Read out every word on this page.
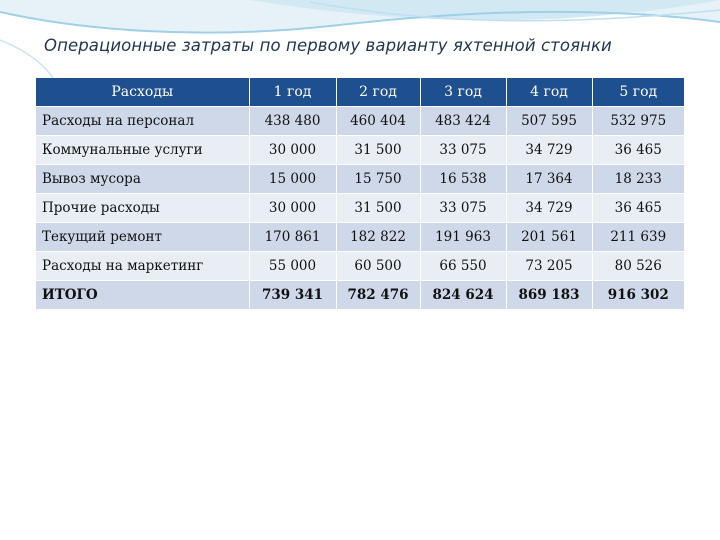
Операционные затраты по первому варианту яхтенной стоянки
Расходы	1 год	2 год	3 год	4 год	5 год
Расходы на персонал	438 480	460 404	483 424	507 595	532 975
Коммунальные услуги	30 000	31 500	33 075	34 729	36 465
Вывоз мусора	15 000	15 750	16 538	17 364	18 233
Прочие расходы	30 000	31 500	33 075	34 729	36 465
Текущий ремонт	170 861	182 822	191 963	201 561	211 639
Расходы на маркетинг	55 000	60 500	66 550	73 205	80 526
ИТОГО	739 341	782 476	824 624	869 183	916 302
